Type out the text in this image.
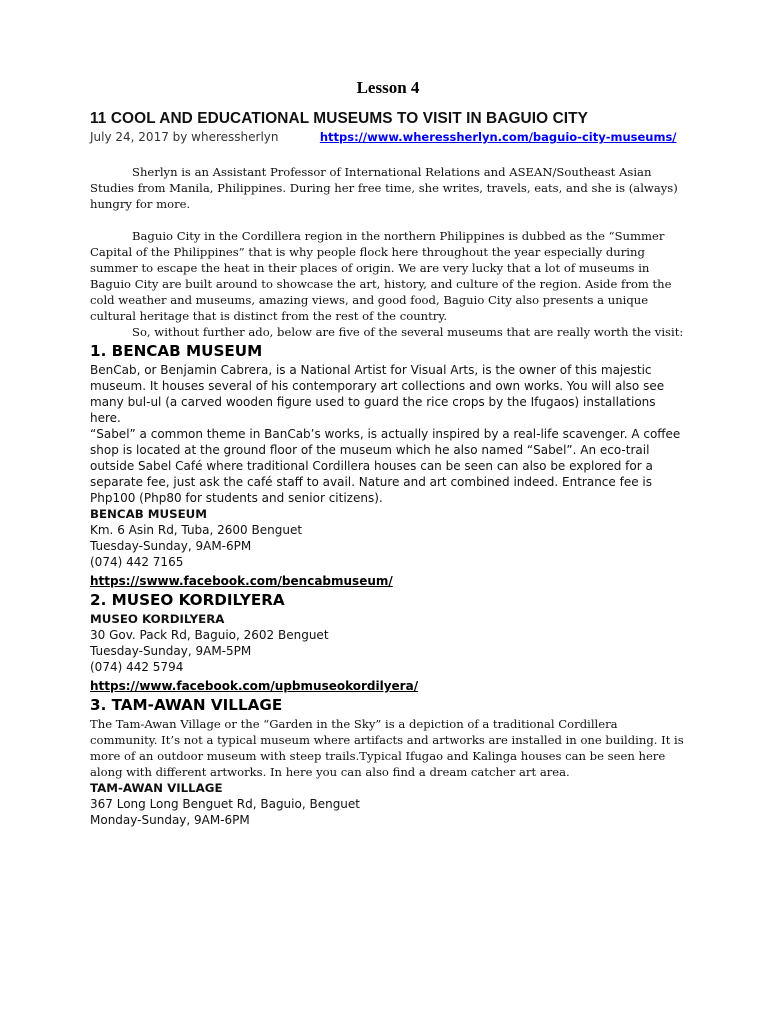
Lesson 4
11 COOL AND EDUCATIONAL MUSEUMS TO VISIT IN BAGUIO CITY
July 24, 2017 by wheressherlyn	https://www.wheressherlyn.com/baguio-city-museums/

Sherlyn is an Assistant Professor of International Relations and ASEAN/Southeast Asian Studies from Manila, Philippines. During her free time, she writes, travels, eats, and she is (always) hungry for more.

Baguio City in the Cordillera region in the northern Philippines is dubbed as the “Summer Capital of the Philippines” that is why people flock here throughout the year especially during summer to escape the heat in their places of origin. We are very lucky that a lot of museums in Baguio City are built around to showcase the art, history, and culture of the region. Aside from the cold weather and museums, amazing views, and good food, Baguio City also presents a unique cultural heritage that is distinct from the rest of the country.

So, without further ado, below are five of the several museums that are really worth the visit:

1. BENCAB MUSEUM

BenCab, or Benjamin Cabrera, is a National Artist for Visual Arts, is the owner of this majestic museum. It houses several of his contemporary art collections and own works. You will also see many bul-ul (a carved wooden figure used to guard the rice crops by the Ifugaos) installations here.

“Sabel” a common theme in BanCab’s works, is actually inspired by a real-life scavenger. A coffee shop is located at the ground floor of the museum which he also named “Sabel”. An eco-trail outside Sabel Café where traditional Cordillera houses can be seen can also be explored for a separate fee, just ask the café staff to avail. Nature and art combined indeed. Entrance fee is Php100 (Php80 for students and senior citizens).

BENCAB MUSEUM
Km. 6 Asin Rd, Tuba, 2600 Benguet
Tuesday-Sunday, 9AM-6PM
(074) 442 7165
https://swww.facebook.com/bencabmuseum/
2. MUSEO KORDILYERA
MUSEO KORDILYERA
30 Gov. Pack Rd, Baguio, 2602 Benguet
Tuesday-Sunday, 9AM-5PM
(074) 442 5794
https://www.facebook.com/upbmuseokordilyera/
3. TAM-AWAN VILLAGE

The Tam-Awan Village or the “Garden in the Sky” is a depiction of a traditional Cordillera community. It’s not a typical museum where artifacts and artworks are installed in one building. It is more of an outdoor museum with steep trails.Typical Ifugao and Kalinga houses can be seen here along with different artworks. In here you can also find a dream catcher art area.

TAM-AWAN VILLAGE
367 Long Long Benguet Rd, Baguio, Benguet
Monday-Sunday, 9AM-6PM
